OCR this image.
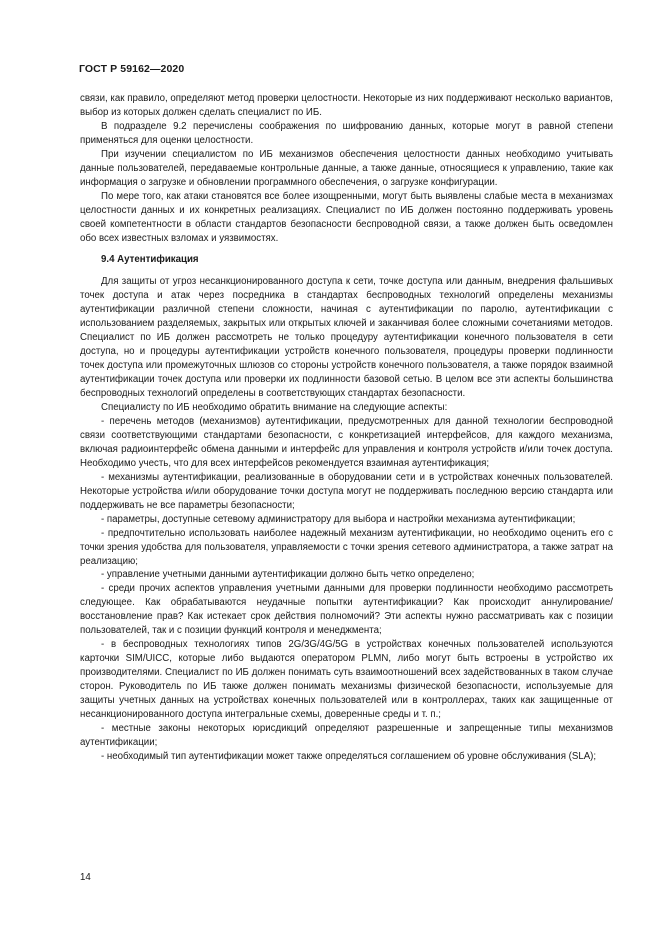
ГОСТ Р 59162—2020

связи, как правило, определяют метод проверки целостности. Некоторые из них поддерживают несколько вариантов, выбор из которых должен сделать специалист по ИБ.

В подразделе 9.2 перечислены соображения по шифрованию данных, которые могут в равной степени применяться для оценки целостности.

При изучении специалистом по ИБ механизмов обеспечения целостности данных необходимо учитывать данные пользователей, передаваемые контрольные данные, а также данные, относящиеся к управлению, такие как информация о загрузке и обновлении программного обеспечения, о загрузке конфигурации.

По мере того, как атаки становятся все более изощренными, могут быть выявлены слабые места в механизмах целостности данных и их конкретных реализациях. Специалист по ИБ должен постоянно поддерживать уровень своей компетентности в области стандартов безопасности беспроводной связи, а также должен быть осведомлен обо всех известных взломах и уязвимостях.

9.4 Аутентификация

Для защиты от угроз несанкционированного доступа к сети, точке доступа или данным, внедрения фальшивых точек доступа и атак через посредника в стандартах беспроводных технологий определены механизмы аутентификации различной степени сложности, начиная с аутентификации по паролю, аутентификации с использованием разделяемых, закрытых или открытых ключей и заканчивая более сложными сочетаниями методов. Специалист по ИБ должен рассмотреть не только процедуру аутентификации конечного пользователя в сети доступа, но и процедуры аутентификации устройств конечного пользователя, процедуры проверки подлинности точек доступа или промежуточных шлюзов со стороны устройств конечного пользователя, а также порядок взаимной аутентификации точек доступа или проверки их подлинности базовой сетью. В целом все эти аспекты большинства беспроводных технологий определены в соответствующих стандартах безопасности.

Специалисту по ИБ необходимо обратить внимание на следующие аспекты:

- перечень методов (механизмов) аутентификации, предусмотренных для данной технологии беспроводной связи соответствующими стандартами безопасности, с конкретизацией интерфейсов, для каждого механизма, включая радиоинтерфейс обмена данными и интерфейс для управления и контроля устройств и/или точек доступа. Необходимо учесть, что для всех интерфейсов рекомендуется взаимная аутентификация;

- механизмы аутентификации, реализованные в оборудовании сети и в устройствах конечных пользователей. Некоторые устройства и/или оборудование точки доступа могут не поддерживать последнюю версию стандарта или поддерживать не все параметры безопасности;

- параметры, доступные сетевому администратору для выбора и настройки механизма аутентификации;

- предпочтительно использовать наиболее надежный механизм аутентификации, но необходимо оценить его с точки зрения удобства для пользователя, управляемости с точки зрения сетевого администратора, а также затрат на реализацию;

- управление учетными данными аутентификации должно быть четко определено;

- среди прочих аспектов управления учетными данными для проверки подлинности необходимо рассмотреть следующее. Как обрабатываются неудачные попытки аутентификации? Как происходит аннулирование/восстановление прав? Как истекает срок действия полномочий? Эти аспекты нужно рассматривать как с позиции пользователей, так и с позиции функций контроля и менеджмента;

- в беспроводных технологиях типов 2G/3G/4G/5G в устройствах конечных пользователей используются карточки SIM/UICC, которые либо выдаются оператором PLMN, либо могут быть встроены в устройство их производителями. Специалист по ИБ должен понимать суть взаимоотношений всех задействованных в таком случае сторон. Руководитель по ИБ также должен понимать механизмы физической безопасности, используемые для защиты учетных данных на устройствах конечных пользователей или в контроллерах, таких как защищенные от несанкционированного доступа интегральные схемы, доверенные среды и т. п.;

- местные законы некоторых юрисдикций определяют разрешенные и запрещенные типы механизмов аутентификации;

- необходимый тип аутентификации может также определяться соглашением об уровне обслуживания (SLA);

14
